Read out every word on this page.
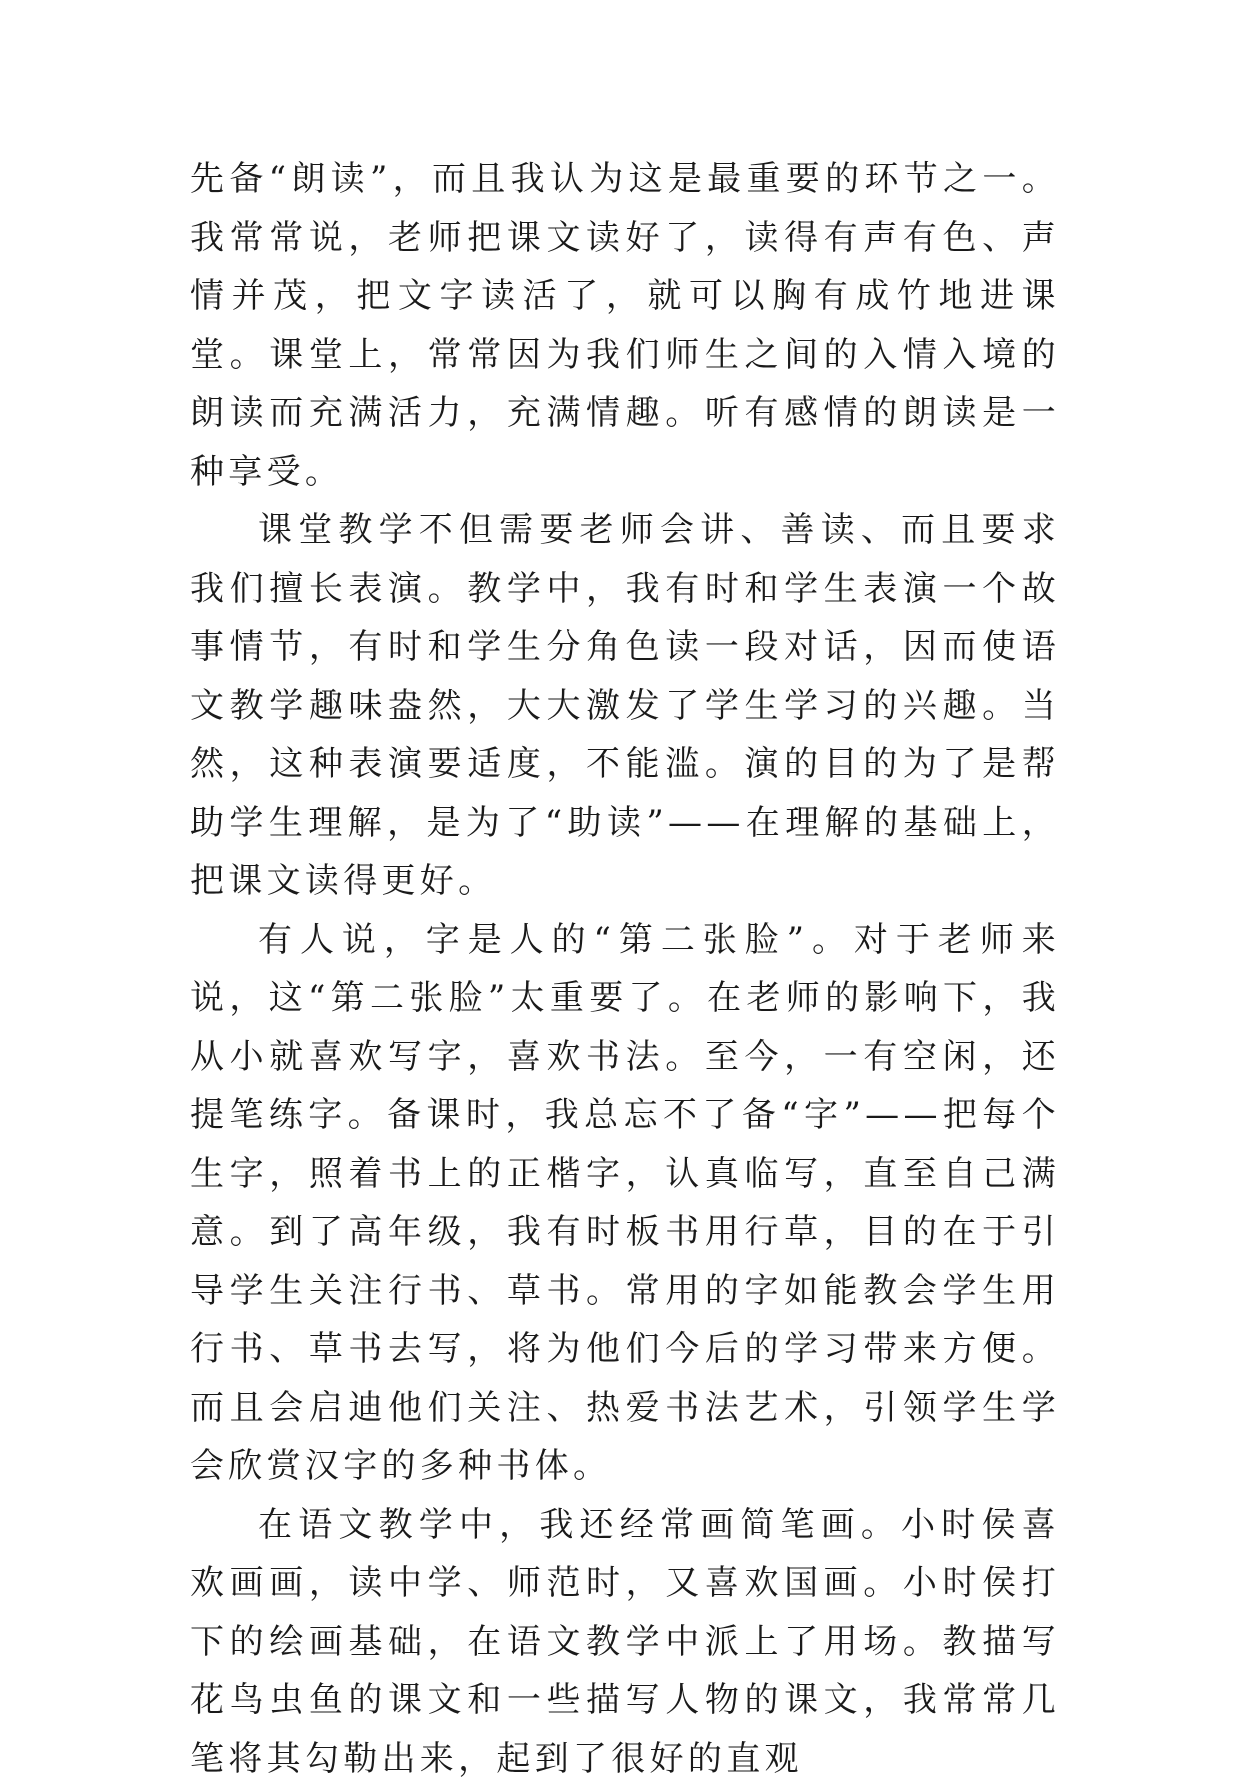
先备“朗读”，而且我认为这是最重要的环节之一。我常常说，老师把课文读好了，读得有声有色、声情并茂，把文字读活了，就可以胸有成竹地进课堂。课堂上，常常因为我们师生之间的入情入境的朗读而充满活力，充满情趣。听有感情的朗读是一种享受。

课堂教学不但需要老师会讲、善读、而且要求我们擅长表演。教学中，我有时和学生表演一个故事情节，有时和学生分角色读一段对话，因而使语文教学趣味盎然，大大激发了学生学习的兴趣。当然，这种表演要适度，不能滥。演的目的为了是帮助学生理解，是为了“助读”——在理解的基础上，把课文读得更好。

有人说，字是人的“第二张脸”。对于老师来说，这“第二张脸”太重要了。在老师的影响下，我从小就喜欢写字，喜欢书法。至今，一有空闲，还提笔练字。备课时，我总忘不了备“字”——把每个生字，照着书上的正楷字，认真临写，直至自己满意。到了高年级，我有时板书用行草，目的在于引导学生关注行书、草书。常用的字如能教会学生用行书、草书去写，将为他们今后的学习带来方便。而且会启迪他们关注、热爱书法艺术，引领学生学会欣赏汉字的多种书体。

在语文教学中，我还经常画简笔画。小时侯喜欢画画，读中学、师范时，又喜欢国画。小时侯打下的绘画基础，在语文教学中派上了用场。教描写花鸟虫鱼的课文和一些描写人物的课文，我常常几笔将其勾勒出来，起到了很好的直观
